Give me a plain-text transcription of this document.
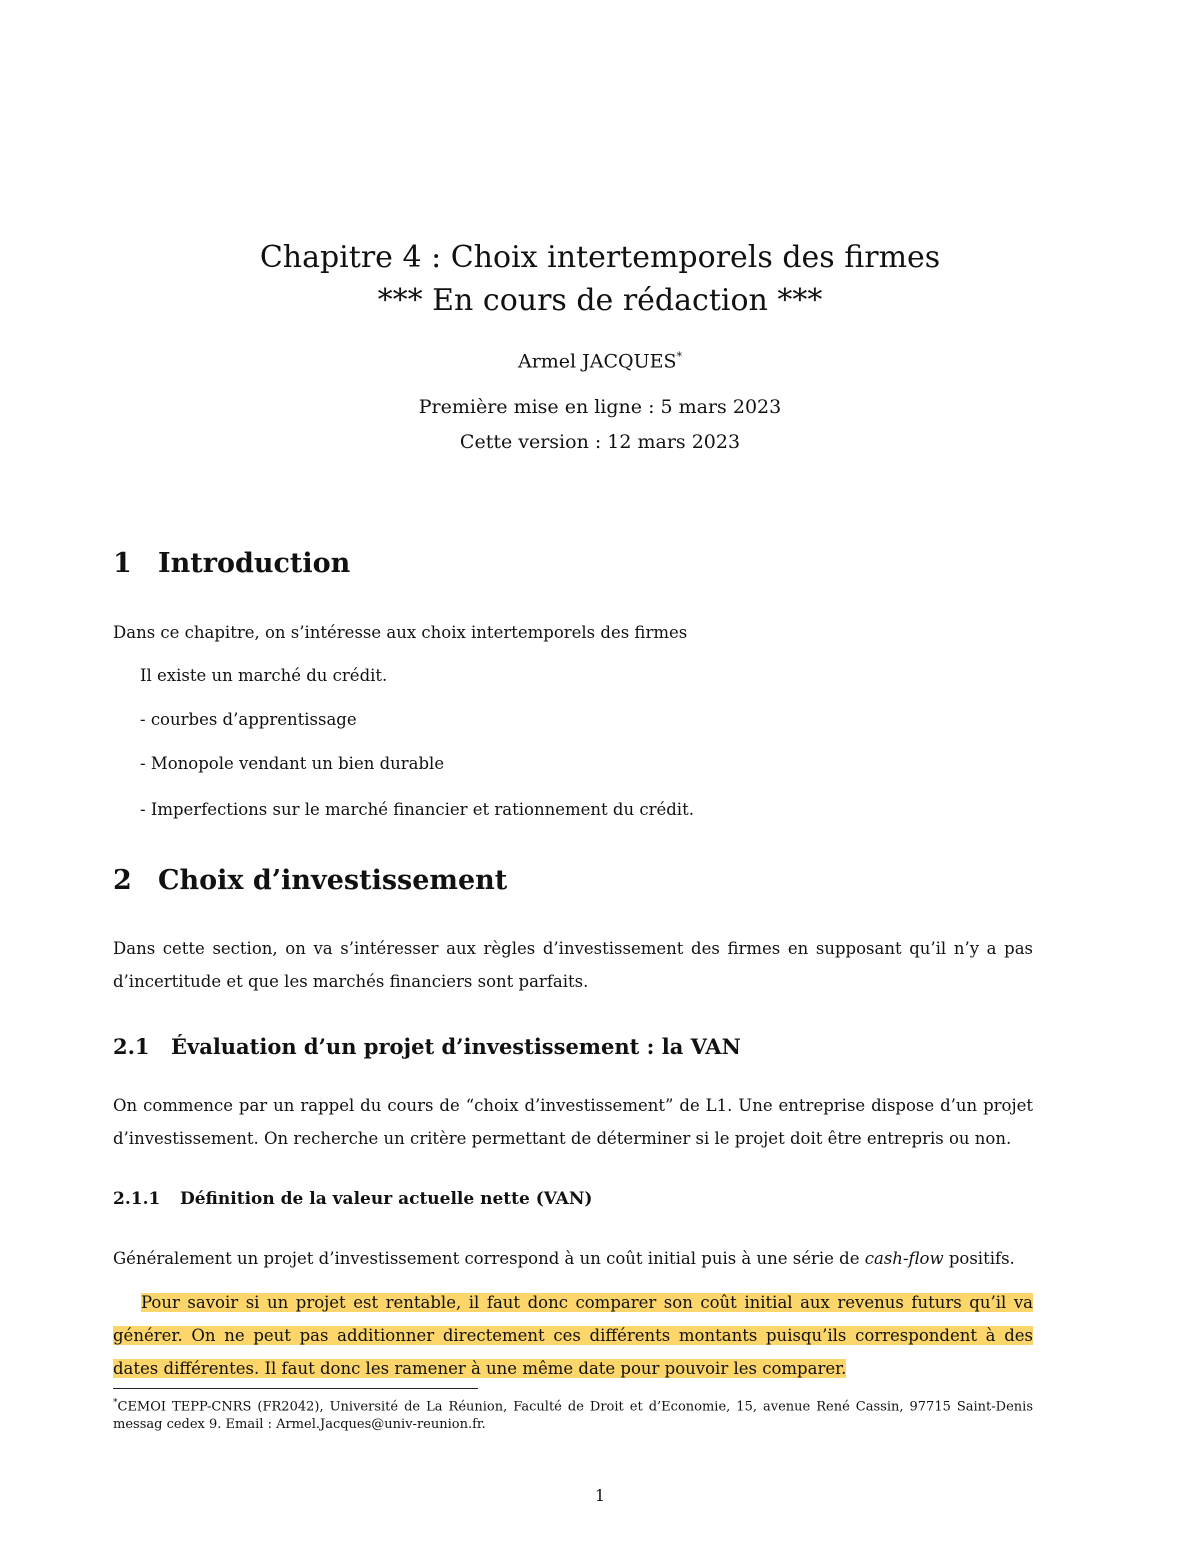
Chapitre 4 : Choix intertemporels des firmes
*** En cours de rédaction ***
Armel JACQUES*
Première mise en ligne : 5 mars 2023
Cette version : 12 mars 2023
1 Introduction
Dans ce chapitre, on s’intéresse aux choix intertemporels des firmes
Il existe un marché du crédit.
- courbes d’apprentissage
- Monopole vendant un bien durable
- Imperfections sur le marché financier et rationnement du crédit.
2 Choix d’investissement
Dans cette section, on va s’intéresser aux règles d’investissement des firmes en supposant qu’il n’y a pas d’incertitude et que les marchés financiers sont parfaits.
2.1 Évaluation d’un projet d’investissement : la VAN
On commence par un rappel du cours de “choix d’investissement” de L1. Une entreprise dispose d’un projet d’investissement. On recherche un critère permettant de déterminer si le projet doit être entrepris ou non.
2.1.1 Définition de la valeur actuelle nette (VAN)
Généralement un projet d’investissement correspond à un coût initial puis à une série de cash-flow positifs.
Pour savoir si un projet est rentable, il faut donc comparer son coût initial aux revenus futurs qu’il va générer. On ne peut pas additionner directement ces différents montants puisqu’ils correspondent à des dates différentes. Il faut donc les ramener à une même date pour pouvoir les comparer.
*CEMOI TEPP-CNRS (FR2042), Université de La Réunion, Faculté de Droit et d’Economie, 15, avenue René Cassin, 97715 Saint-Denis messag cedex 9. Email : Armel.Jacques@univ-reunion.fr.
1
